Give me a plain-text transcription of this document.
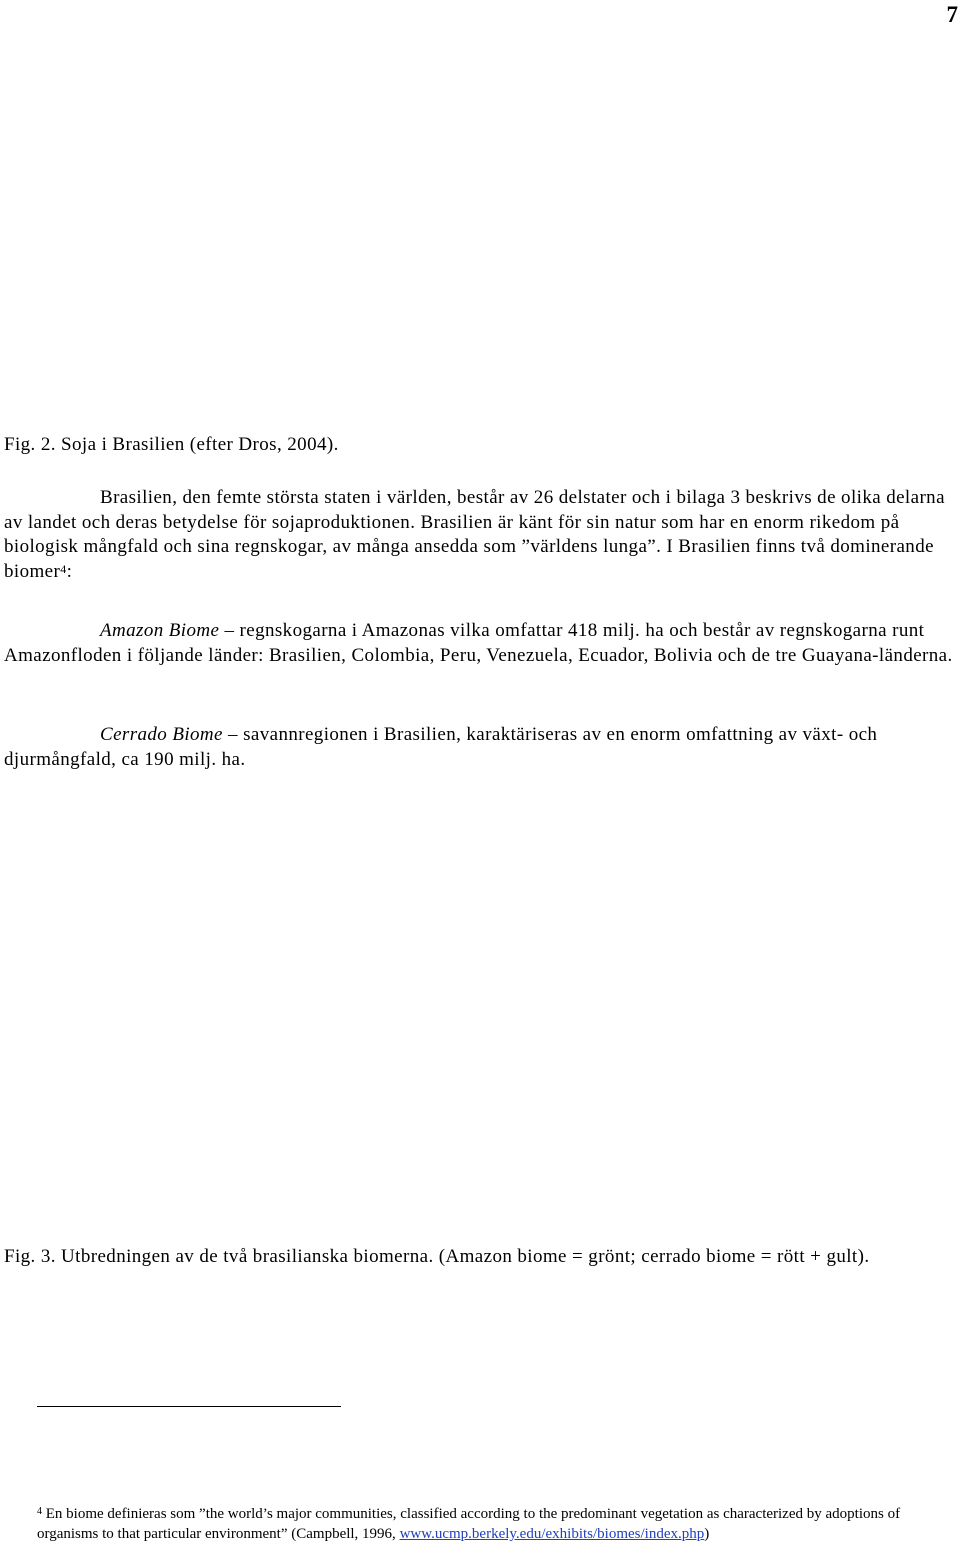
7
Fig. 2. Soja i Brasilien (efter Dros, 2004).
Brasilien, den femte största staten i världen, består av 26 delstater och i bilaga 3 beskrivs de olika delarna av landet och deras betydelse för sojaproduktionen. Brasilien är känt för sin natur som har en enorm rikedom på biologisk mångfald och sina regnskogar, av många ansedda som ”världens lunga”. I Brasilien finns två dominerande biomer$^4$:
Amazon Biome – regnskogarna i Amazonas vilka omfattar 418 milj. ha och består av regnskogarna runt Amazonfloden i följande länder: Brasilien, Colombia, Peru, Venezuela, Ecuador, Bolivia och de tre Guayana-länderna.
Cerrado Biome – savannregionen i Brasilien, karaktäriseras av en enorm omfattning av växt- och djurmångfald, ca 190 milj. ha.
Fig. 3. Utbredningen av de två brasilianska biomerna. (Amazon biome = grönt; cerrado biome = rött + gult).
$^4$ En biome definieras som ”the world’s major communities, classified according to the predominant vegetation as characterized by adoptions of organisms to that particular environment” (Campbell, 1996, www.ucmp.berkely.edu/exhibits/biomes/index.php)
